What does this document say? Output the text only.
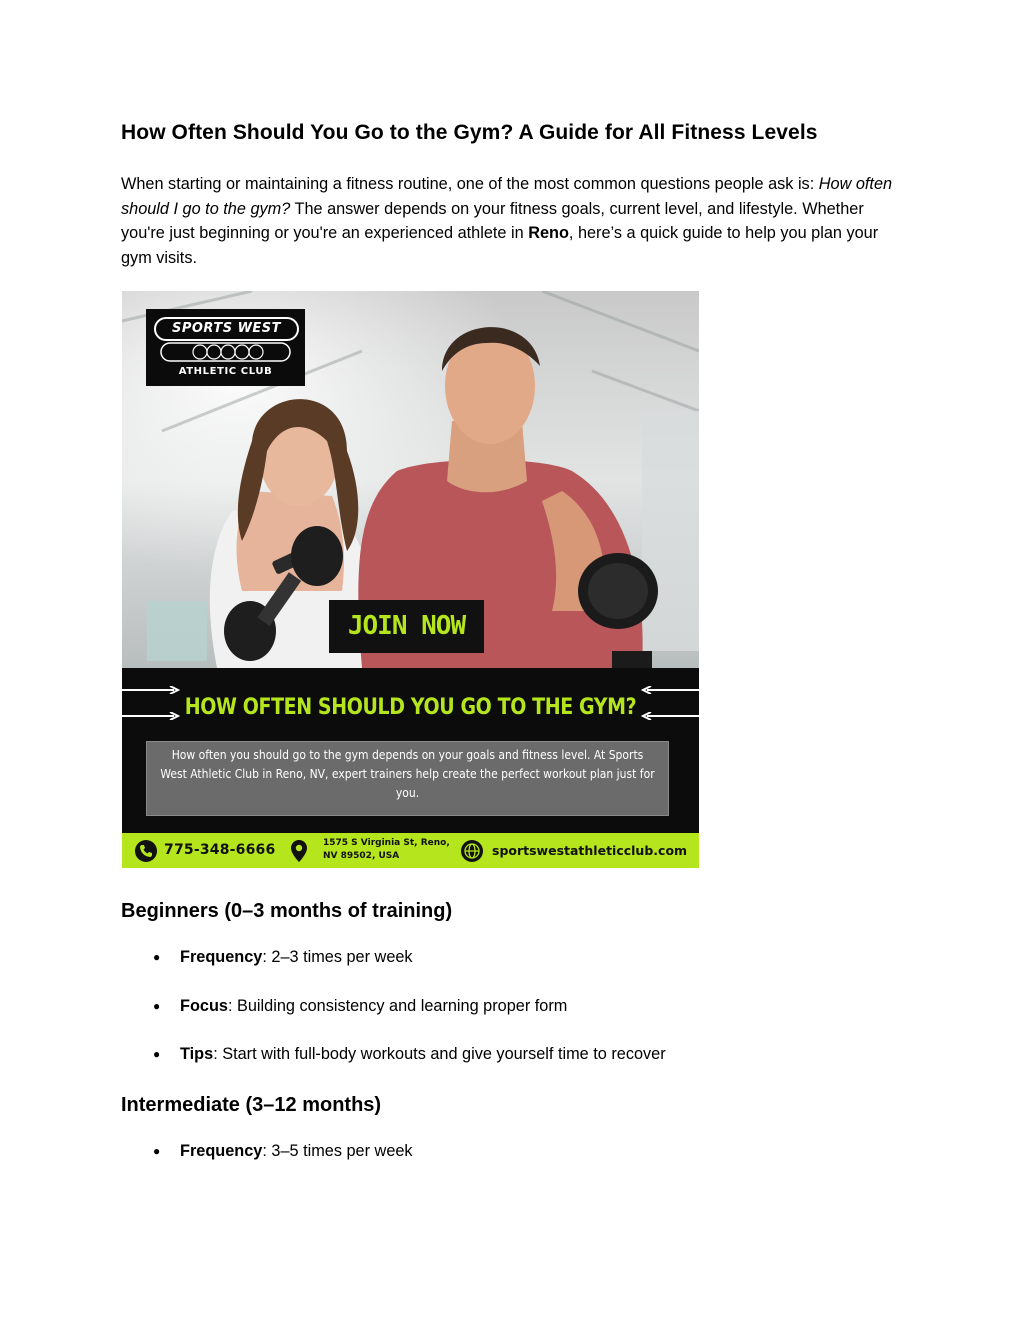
How Often Should You Go to the Gym? A Guide for All Fitness Levels

When starting or maintaining a fitness routine, one of the most common questions people ask is: How often should I go to the gym? The answer depends on your fitness goals, current level, and lifestyle. Whether you're just beginning or you're an experienced athlete in Reno, here’s a quick guide to help you plan your gym visits.

SPORTS WEST
ATHLETIC CLUB
JOIN NOW
HOW OFTEN SHOULD YOU GO TO THE GYM?
How often you should go to the gym depends on your goals and fitness level. At Sports West Athletic Club in Reno, NV, expert trainers help create the perfect workout plan just for you.
775-348-6666	1575 S Virginia St, Reno,
NV 89502, USA	sportswestathleticclub.com
Beginners (0–3 months of training)
● Frequency: 2–3 times per week
● Focus: Building consistency and learning proper form
● Tips: Start with full-body workouts and give yourself time to recover
Intermediate (3–12 months)
● Frequency: 3–5 times per week
